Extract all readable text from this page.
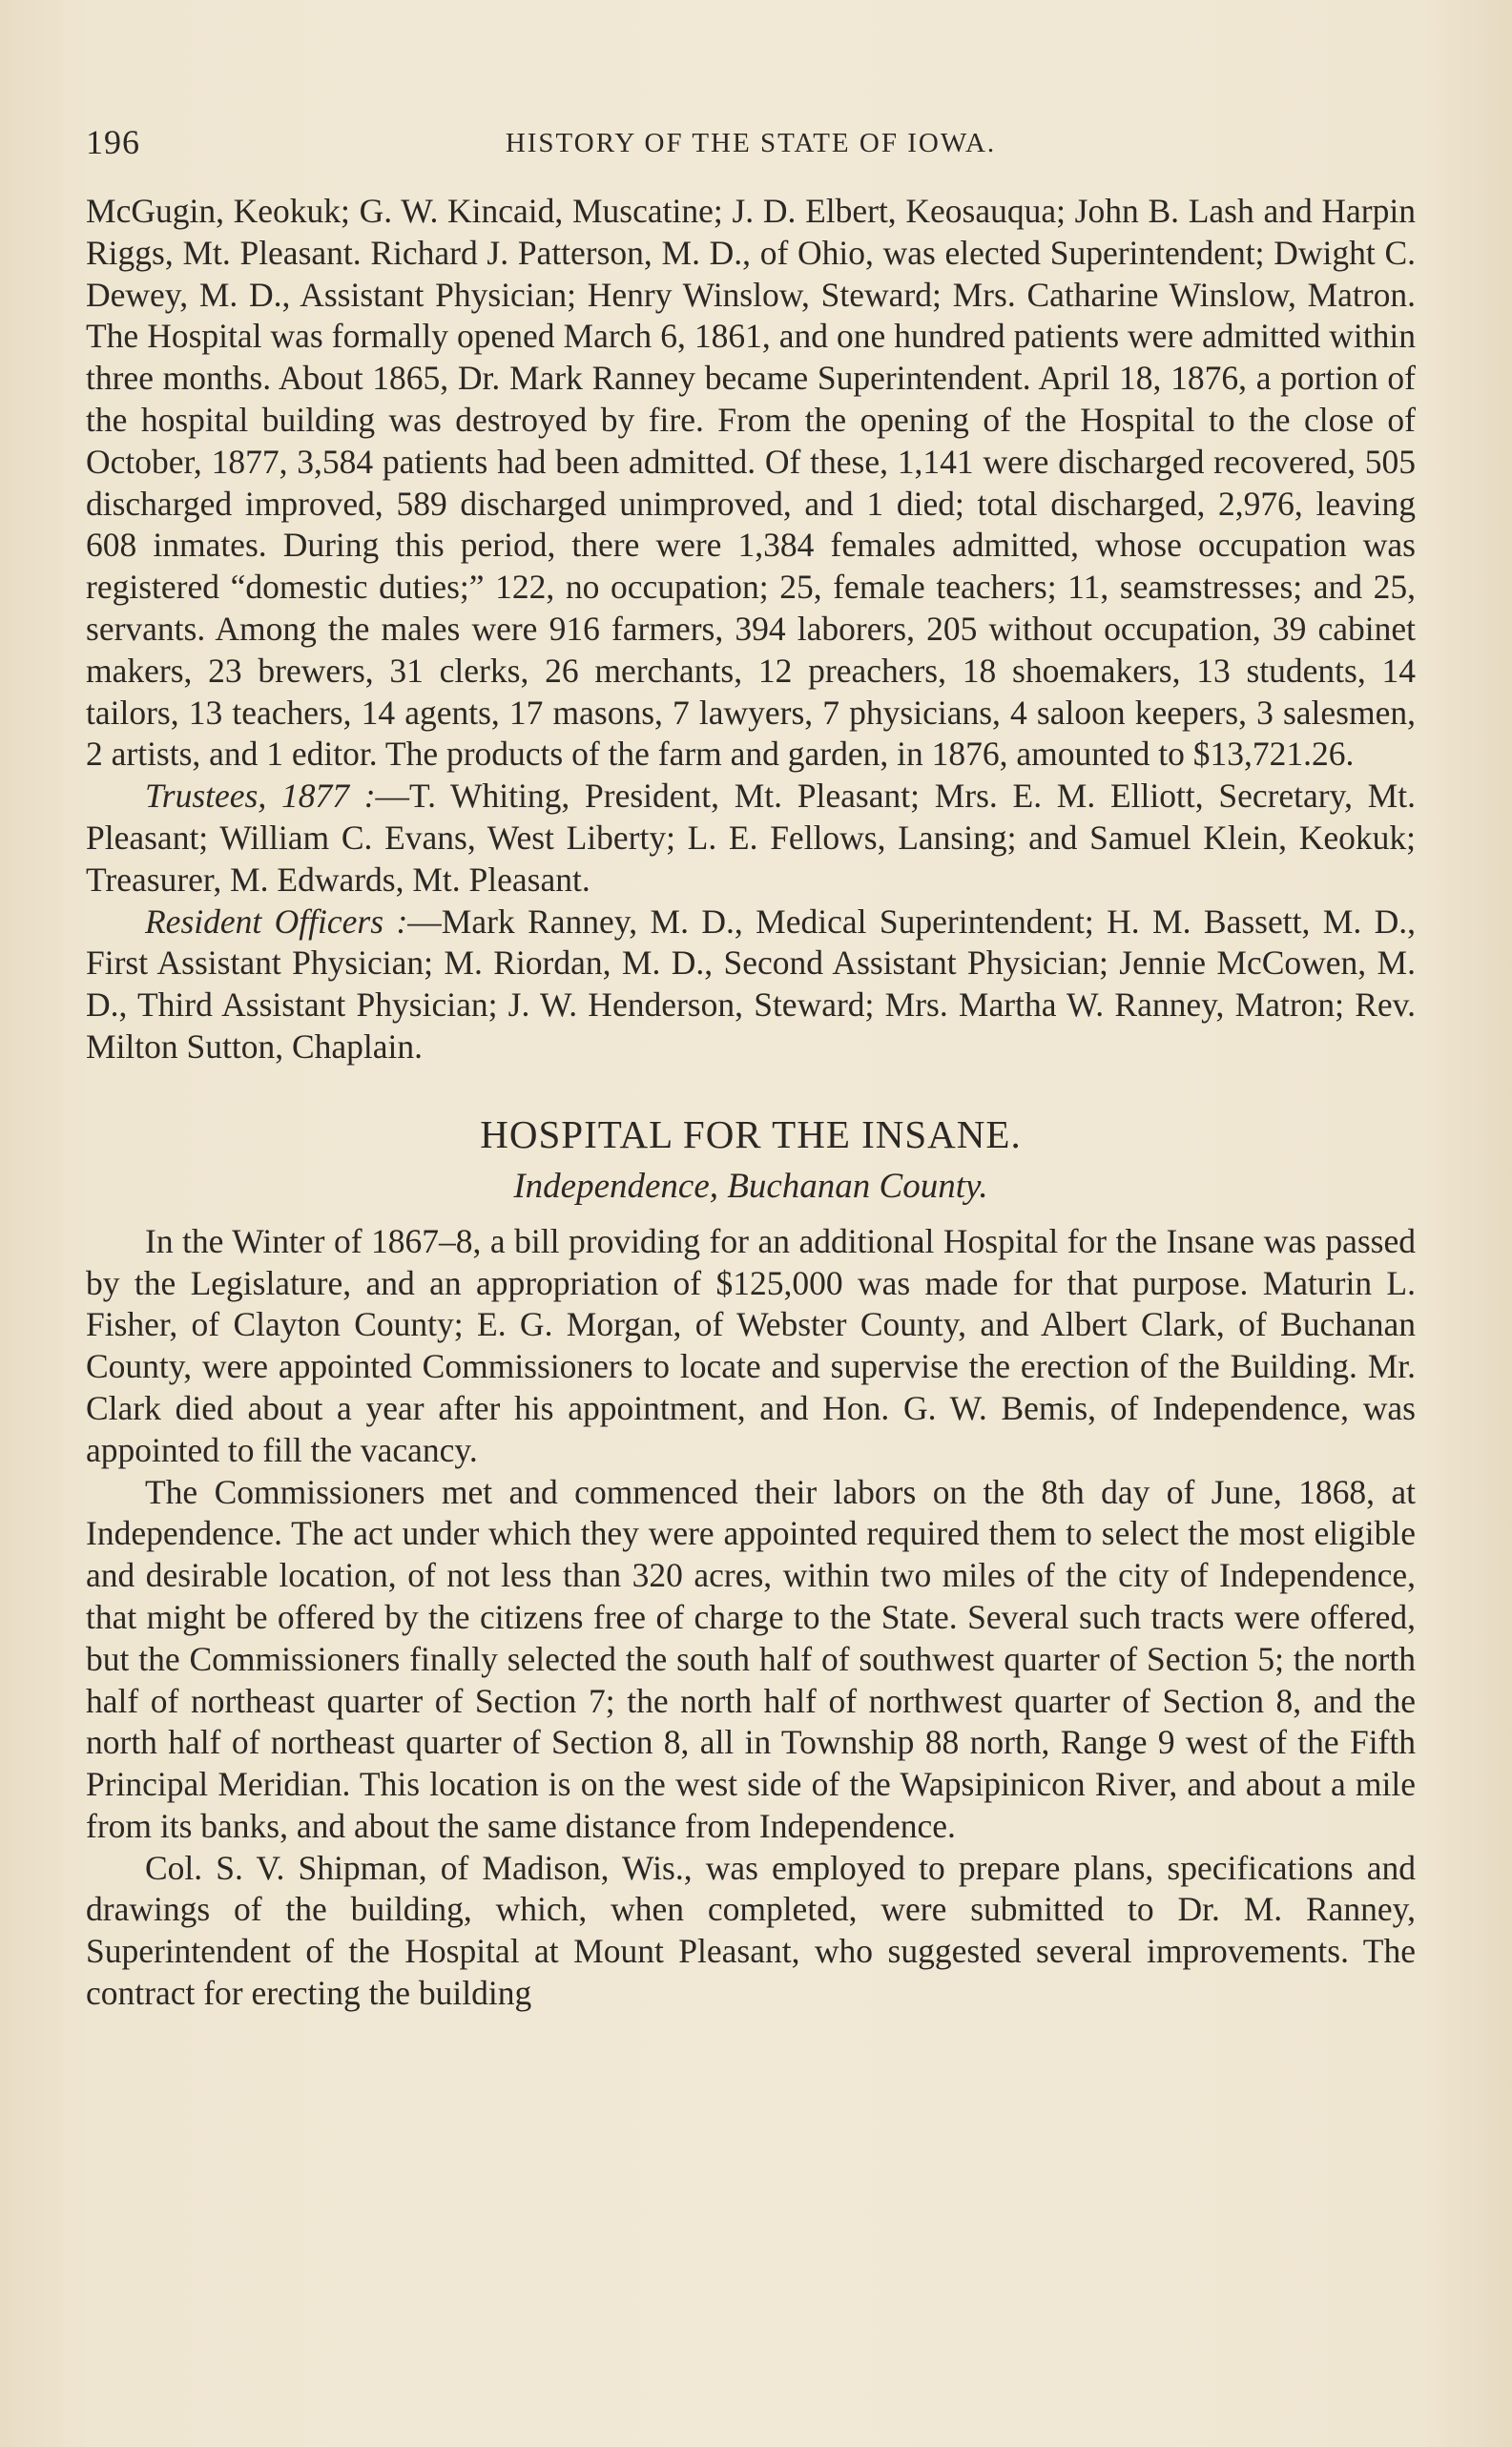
196	HISTORY OF THE STATE OF IOWA.

McGugin, Keokuk; G. W. Kincaid, Muscatine; J. D. Elbert, Keosauqua; John B. Lash and Harpin Riggs, Mt. Pleasant. Richard J. Patterson, M. D., of Ohio, was elected Superintendent; Dwight C. Dewey, M. D., Assistant Physician; Henry Winslow, Steward; Mrs. Catharine Winslow, Matron. The Hospital was formally opened March 6, 1861, and one hundred patients were admitted within three months. About 1865, Dr. Mark Ranney became Superintendent. April 18, 1876, a portion of the hospital building was destroyed by fire. From the opening of the Hospital to the close of October, 1877, 3,584 patients had been admitted. Of these, 1,141 were discharged recovered, 505 discharged improved, 589 discharged unimproved, and 1 died; total discharged, 2,976, leaving 608 inmates. During this period, there were 1,384 females admitted, whose occupation was registered “domestic duties;” 122, no occupation; 25, female teachers; 11, seamstresses; and 25, servants. Among the males were 916 farmers, 394 laborers, 205 without occupation, 39 cabinet makers, 23 brewers, 31 clerks, 26 merchants, 12 preachers, 18 shoemakers, 13 students, 14 tailors, 13 teachers, 14 agents, 17 masons, 7 lawyers, 7 physicians, 4 saloon keepers, 3 salesmen, 2 artists, and 1 editor. The products of the farm and garden, in 1876, amounted to $13,721.26.

Trustees, 1877 :—T. Whiting, President, Mt. Pleasant; Mrs. E. M. Elliott, Secretary, Mt. Pleasant; William C. Evans, West Liberty; L. E. Fellows, Lansing; and Samuel Klein, Keokuk; Treasurer, M. Edwards, Mt. Pleasant.

Resident Officers :—Mark Ranney, M. D., Medical Superintendent; H. M. Bassett, M. D., First Assistant Physician; M. Riordan, M. D., Second Assistant Physician; Jennie McCowen, M. D., Third Assistant Physician; J. W. Henderson, Steward; Mrs. Martha W. Ranney, Matron; Rev. Milton Sutton, Chaplain.

HOSPITAL FOR THE INSANE.
Independence, Buchanan County.

In the Winter of 1867–8, a bill providing for an additional Hospital for the Insane was passed by the Legislature, and an appropriation of $125,000 was made for that purpose. Maturin L. Fisher, of Clayton County; E. G. Morgan, of Webster County, and Albert Clark, of Buchanan County, were appointed Commissioners to locate and supervise the erection of the Building. Mr. Clark died about a year after his appointment, and Hon. G. W. Bemis, of Independence, was appointed to fill the vacancy.

The Commissioners met and commenced their labors on the 8th day of June, 1868, at Independence. The act under which they were appointed required them to select the most eligible and desirable location, of not less than 320 acres, within two miles of the city of Independence, that might be offered by the citizens free of charge to the State. Several such tracts were offered, but the Commissioners finally selected the south half of southwest quarter of Section 5; the north half of northeast quarter of Section 7; the north half of northwest quarter of Section 8, and the north half of northeast quarter of Section 8, all in Township 88 north, Range 9 west of the Fifth Principal Meridian. This location is on the west side of the Wapsipinicon River, and about a mile from its banks, and about the same distance from Independence.

Col. S. V. Shipman, of Madison, Wis., was employed to prepare plans, specifications and drawings of the building, which, when completed, were submitted to Dr. M. Ranney, Superintendent of the Hospital at Mount Pleasant, who suggested several improvements. The contract for erecting the building
